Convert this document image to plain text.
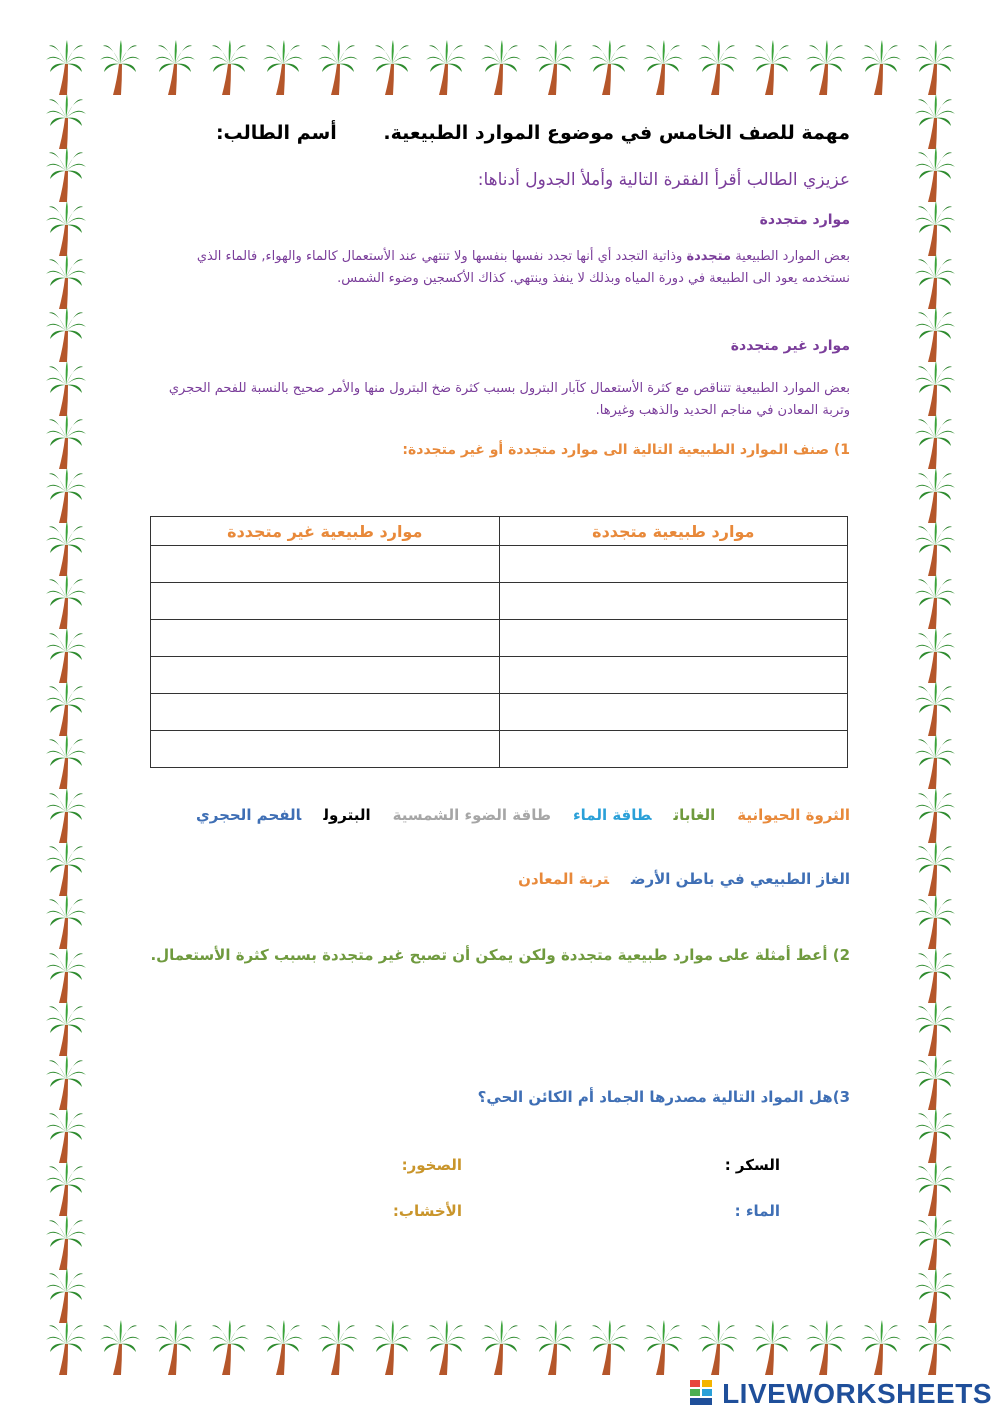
مهمة للصف الخامس في موضوع الموارد الطبيعية. أسم الطالب:
عزيزي الطالب أقرأ الفقرة التالية وأملأ الجدول أدناها:
موارد متجددة
بعض الموارد الطبيعية متجددة وذاتية التجدد أي أنها تجدد نفسها بنفسها ولا تنتهي عند الأستعمال كالماء والهواء, فالماء الذي نستخدمه يعود الى الطبيعة في دورة المياه وبذلك لا ينفذ وينتهي. كذاك الأكسجين وضوء الشمس.
موارد غير متجددة
بعض الموارد الطبيعية تتناقص مع كثرة الأستعمال كآبار البترول بسبب كثرة ضخ البترول منها والأمر صحيح بالنسبة للفحم الحجري وتربة المعادن في مناجم الحديد والذهب وغيرها.
1) صنف الموارد الطبيعية التالية الى موارد متجددة أو غير متجددة:
موارد طبيعية متجددة	موارد طبيعية غير متجددة

الثروة الحيوانيةالغاباتطاقة الماءطاقة الضوء الشمسيةالبترولالفحم الحجري
الغاز الطبيعي في باطن الأرضتربة المعادن
2) أعط أمثلة على موارد طبيعية متجددة ولكن يمكن أن تصبح غير متجددة بسبب كثرة الأستعمال.
3)هل المواد التالية مصدرها الجماد أم الكائن الحي؟
السكر :
الصخور:
الماء :
الأخشاب:
LIVEWORKSHEETS
